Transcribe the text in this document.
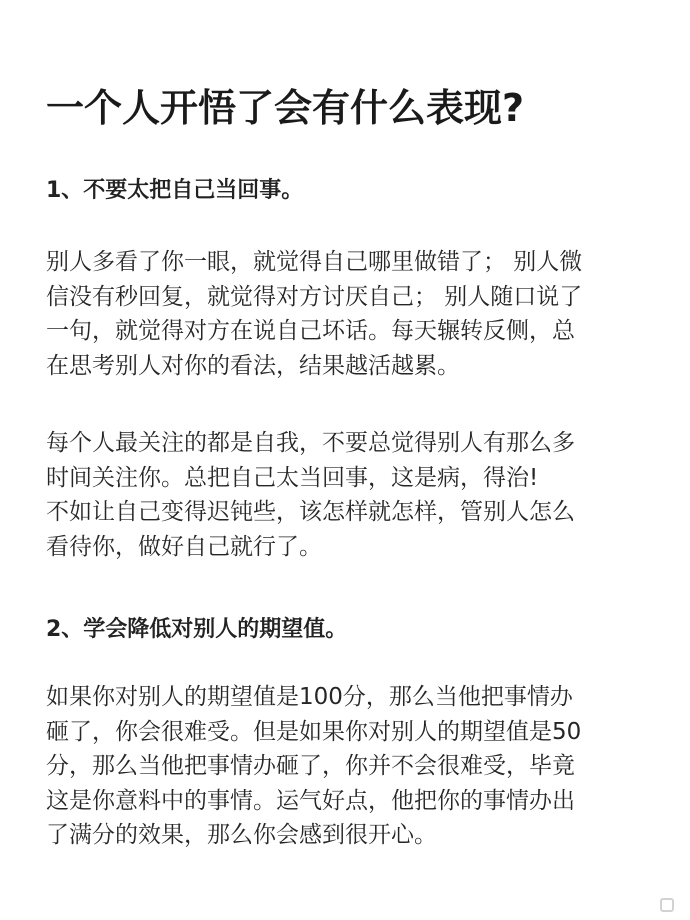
一个人开悟了会有什么表现?
1、不要太把自己当回事。

别人多看了你一眼，就觉得自己哪里做错了； 别人微
信没有秒回复，就觉得对方讨厌自己； 别人随口说了
一句，就觉得对方在说自己坏话。每天辗转反侧，总
在思考别人对你的看法，结果越活越累。

每个人最关注的都是自我，不要总觉得别人有那么多
时间关注你。总把自己太当回事，这是病，得治!
不如让自己变得迟钝些，该怎样就怎样，管别人怎么
看待你，做好自己就行了。

2、学会降低对别人的期望值。

如果你对别人的期望值是100分，那么当他把事情办
砸了，你会很难受。但是如果你对别人的期望值是50
分，那么当他把事情办砸了，你并不会很难受，毕竟
这是你意料中的事情。运气好点，他把你的事情办出
了满分的效果，那么你会感到很开心。
